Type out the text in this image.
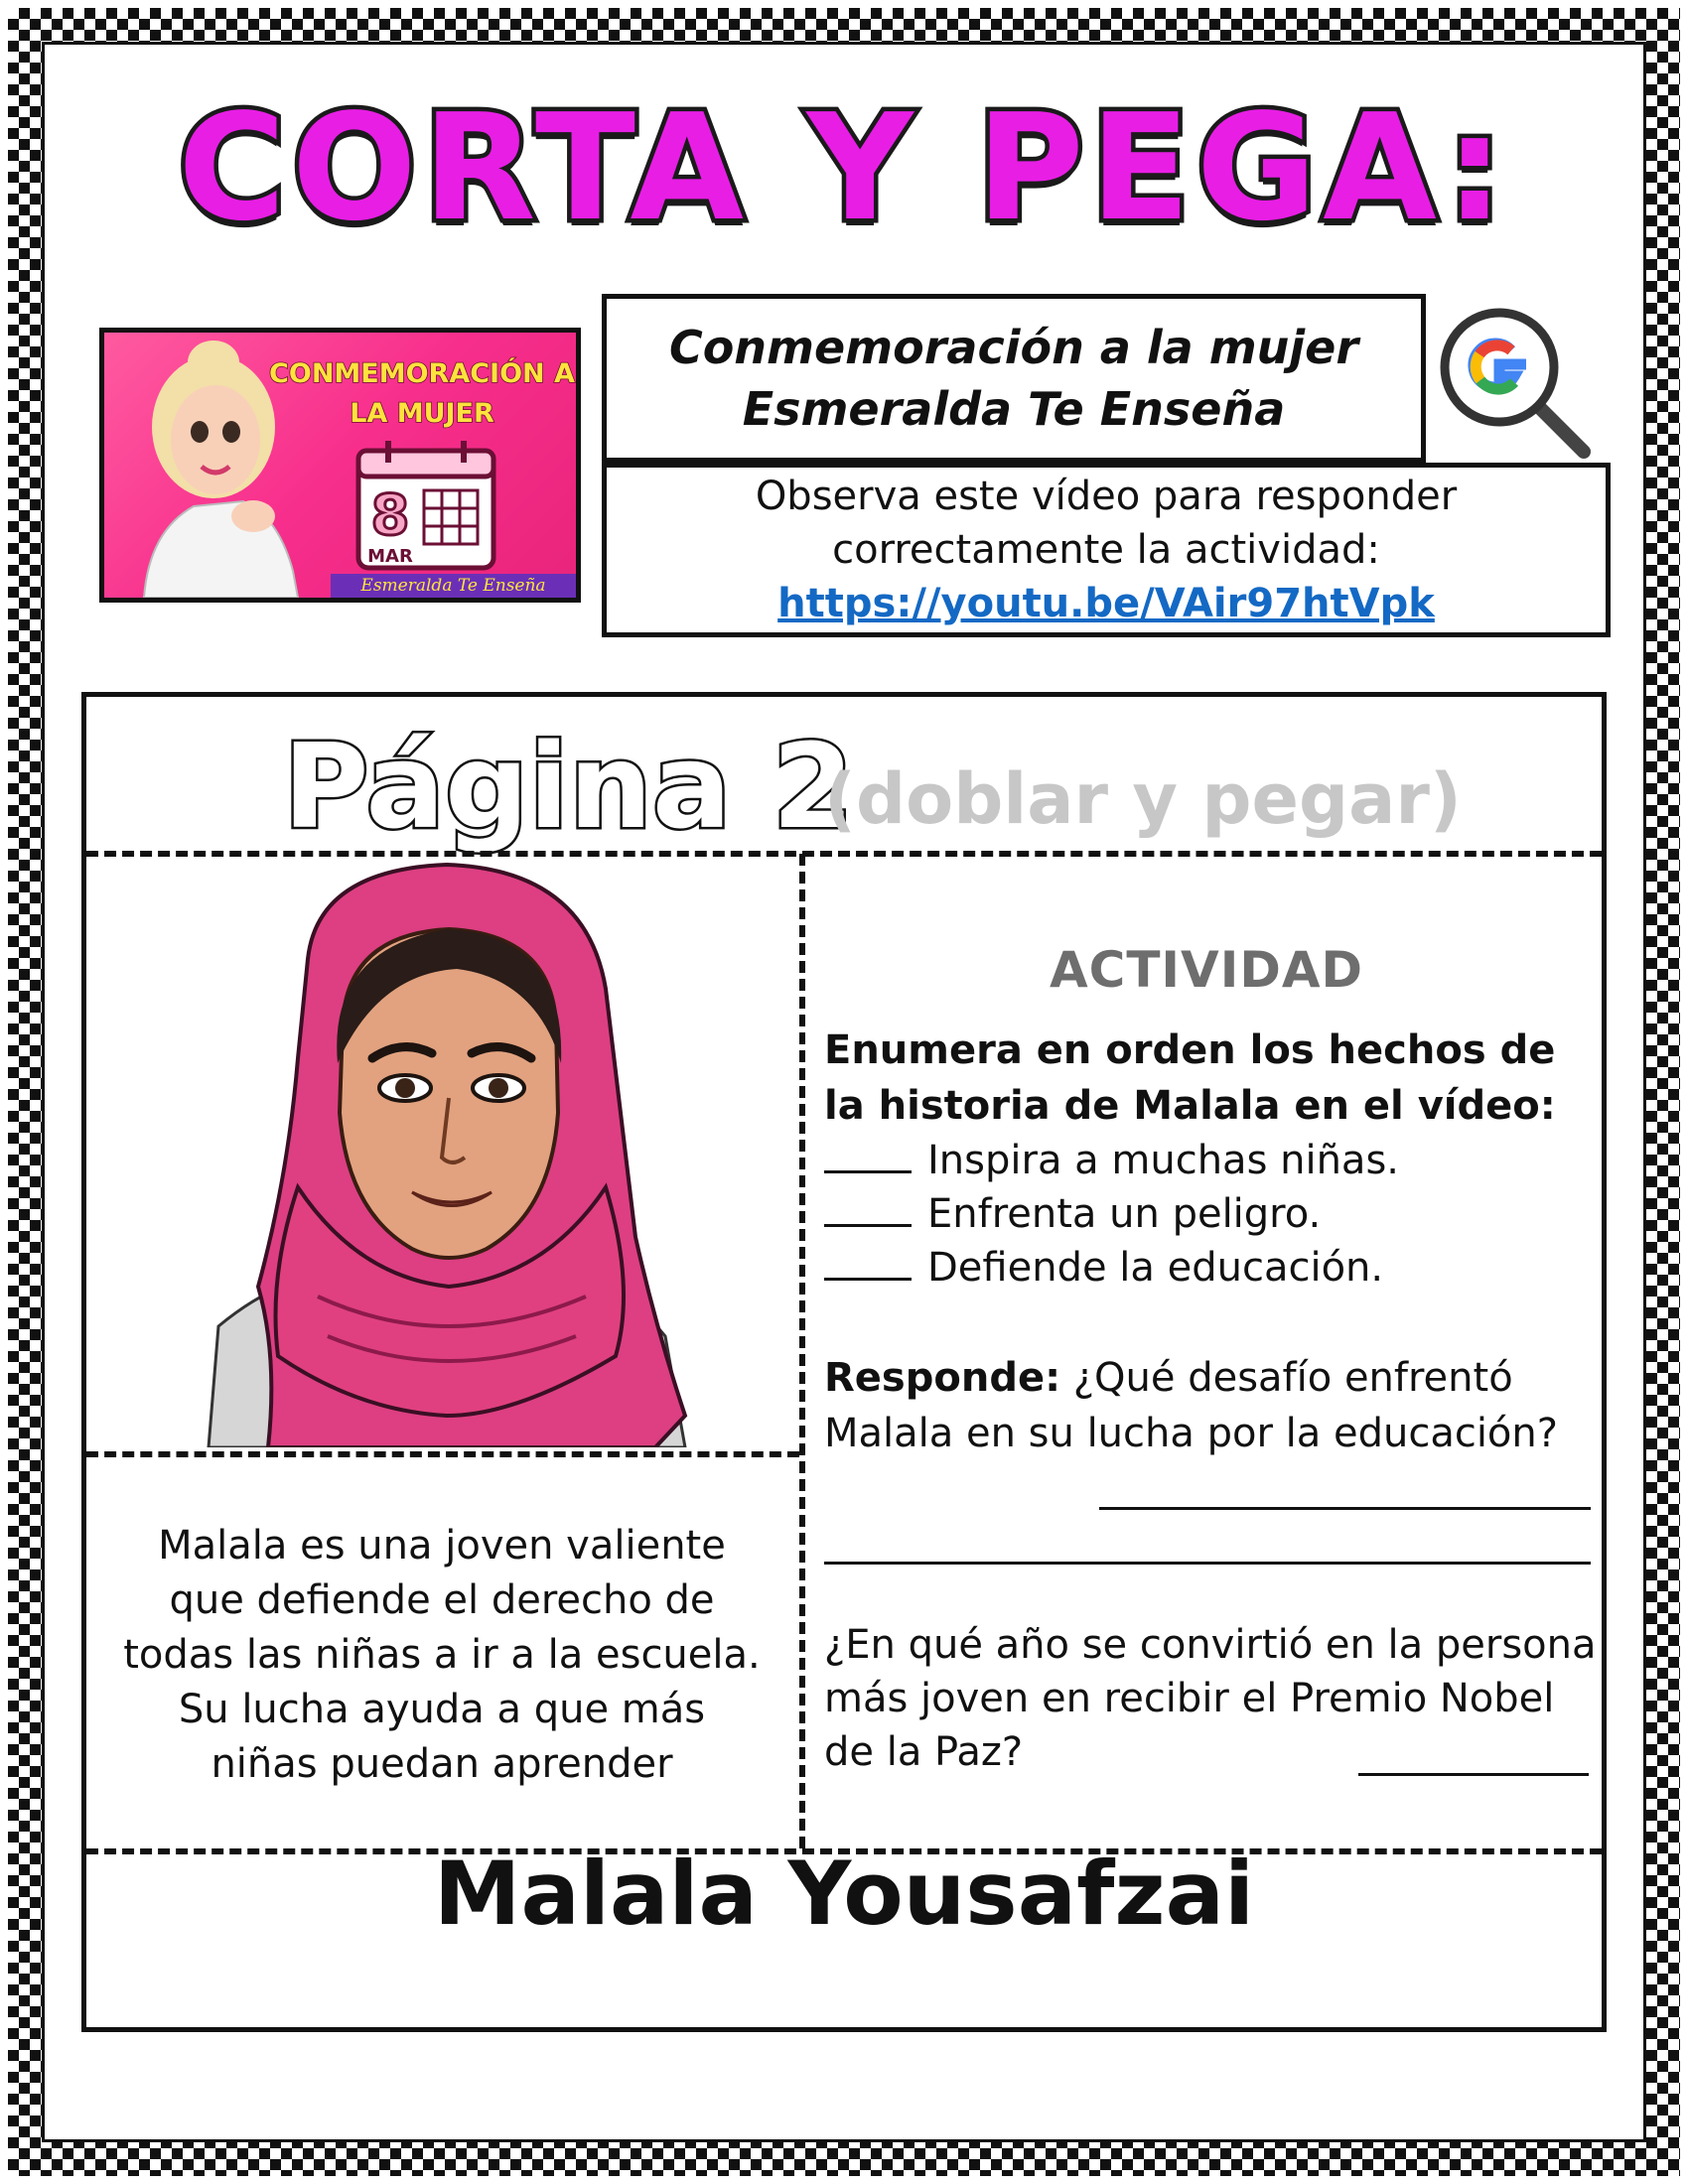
CORTA Y PEGA:
CONMEMORACIÓN A
LA MUJER
8
MAR
Esmeralda Te Enseña
Conmemoración a la mujer
Esmeralda Te Enseña
Observa este vídeo para responder
correctamente la actividad:
https://youtu.be/VAir97htVpk
Página 2
(doblar y pegar)
Malala es una joven valiente
que defiende el derecho de
todas las niñas a ir a la escuela.
Su lucha ayuda a que más
niñas puedan aprender
ACTIVIDAD
Enumera en orden los hechos de la historia de Malala en el vídeo:
Inspira a muchas niñas.
Enfrenta un peligro.
Defiende la educación.
Responde: ¿Qué desafío enfrentó Malala en su lucha por la educación?
¿En qué año se convirtió en la persona más joven en recibir el Premio Nobel de la Paz?
Malala Yousafzai
